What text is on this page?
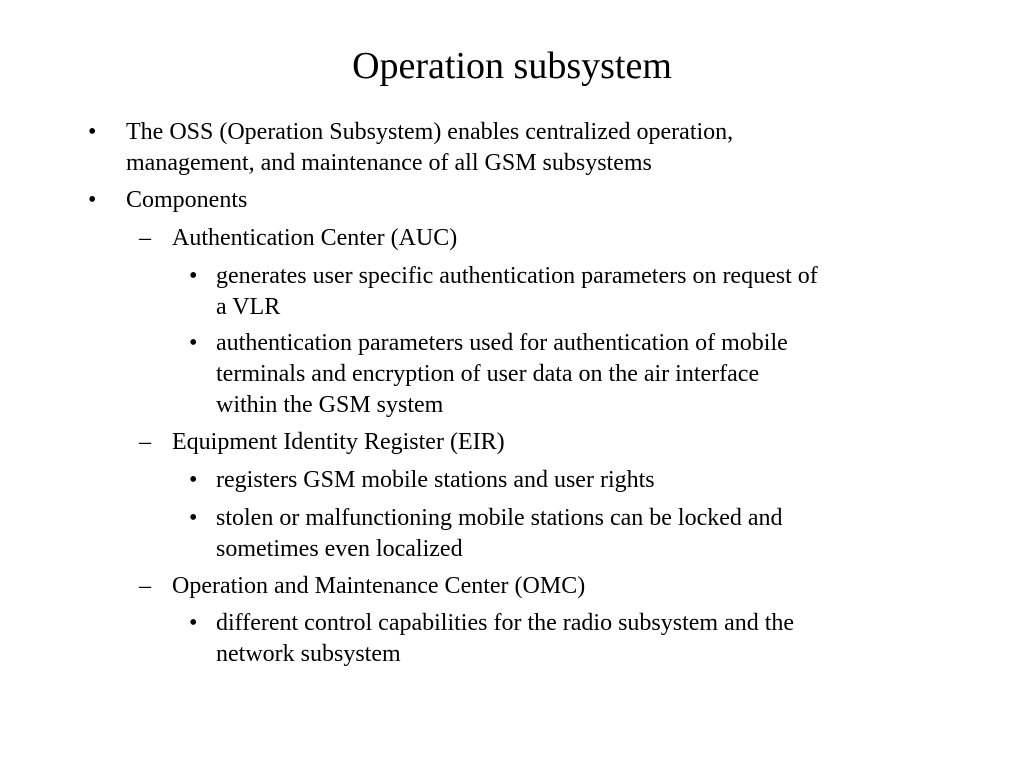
Operation subsystem
• The OSS (Operation Subsystem) enables centralized operation,
management, and maintenance of all GSM subsystems
• Components
– Authentication Center (AUC)
• generates user specific authentication parameters on request of
a VLR
• authentication parameters used for authentication of mobile
terminals and encryption of user data on the air interface
within the GSM system
– Equipment Identity Register (EIR)
• registers GSM mobile stations and user rights
• stolen or malfunctioning mobile stations can be locked and
sometimes even localized
– Operation and Maintenance Center (OMC)
• different control capabilities for the radio subsystem and the
network subsystem
